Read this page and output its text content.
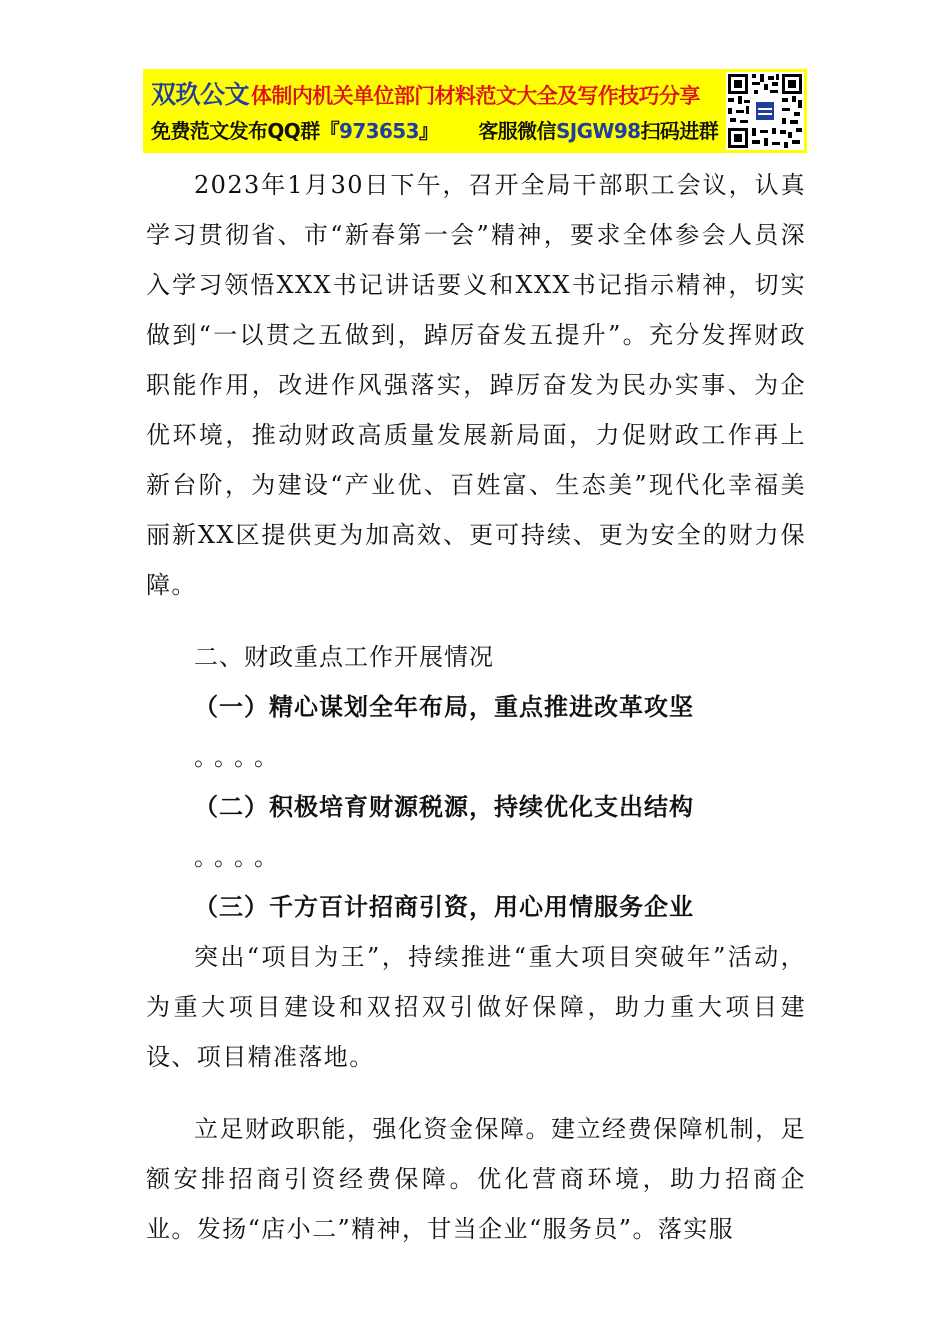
双玖公文体制内机关单位部门材料范文大全及写作技巧分享
免费范文发布QQ群『973653』 客服微信SJGW98扫码进群

2023年1月30日下午，召开全局干部职工会议，认真学习贯彻省、市“新春第一会”精神，要求全体参会人员深入学习领悟XXX书记讲话要义和XXX书记指示精神，切实做到“一以贯之五做到，踔厉奋发五提升”。充分发挥财政职能作用，改进作风强落实，踔厉奋发为民办实事、为企优环境，推动财政高质量发展新局面，力促财政工作再上新台阶，为建设“产业优、百姓富、生态美”现代化幸福美丽新XX区提供更为加高效、更可持续、更为安全的财力保障。

二、财政重点工作开展情况

（一）精心谋划全年布局，重点推进改革攻坚

。。。。

（二）积极培育财源税源，持续优化支出结构

。。。。

（三）千方百计招商引资，用心用情服务企业

突出“项目为王”，持续推进“重大项目突破年”活动，为重大项目建设和双招双引做好保障，助力重大项目建设、项目精准落地。

立足财政职能，强化资金保障。建立经费保障机制，足额安排招商引资经费保障。优化营商环境，助力招商企业。发扬“店小二”精神，甘当企业“服务员”。落实服
